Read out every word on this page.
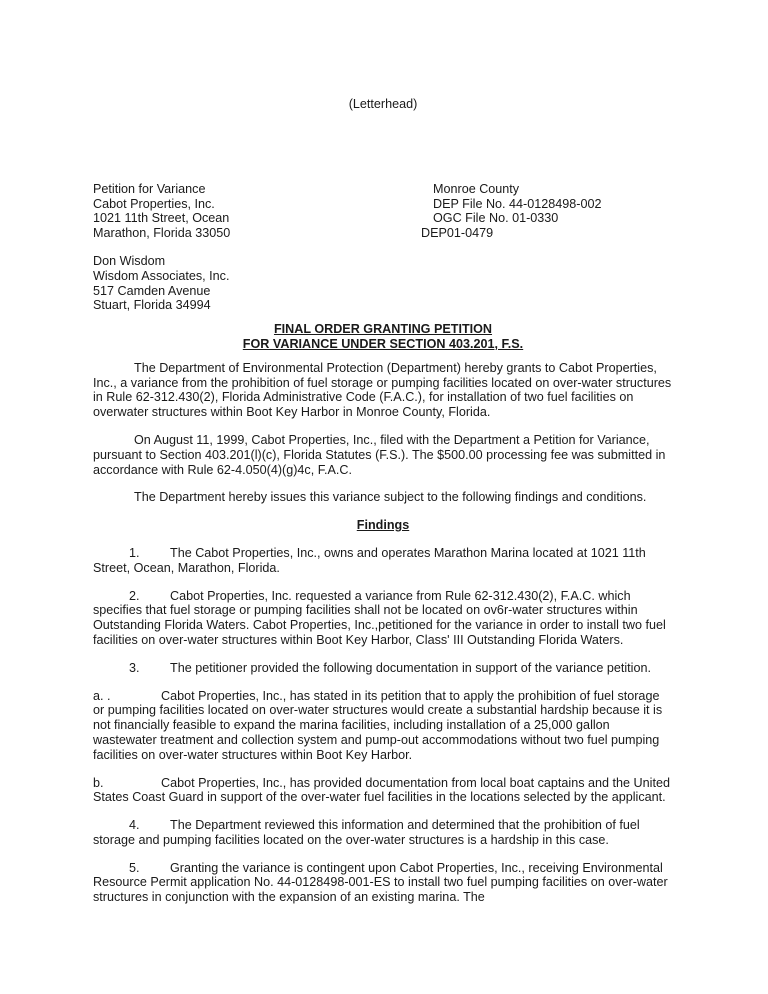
(Letterhead)
Petition for Variance
Cabot Properties, Inc.
1021 11th Street, Ocean
Marathon, Florida 33050
Monroe County
DEP File No. 44-0128498-002
OGC File No. 01-0330
DEP01-0479
Don Wisdom
Wisdom Associates, Inc.
517 Camden Avenue
Stuart, Florida 34994
FINAL ORDER GRANTING PETITION
FOR VARIANCE UNDER SECTION 403.201, F.S.

The Department of Environmental Protection (Department) hereby grants to Cabot Properties, Inc., a variance from the prohibition of fuel storage or pumping facilities located on over-water structures in Rule 62-312.430(2), Florida Administrative Code (F.A.C.), for installation of two fuel facilities on overwater structures within Boot Key Harbor in Monroe County, Florida.

On August 11, 1999, Cabot Properties, Inc., filed with the Department a Petition for Variance, pursuant to Section 403.201(l)(c), Florida Statutes (F.S.). The $500.00 processing fee was submitted in accordance with Rule 62-4.050(4)(g)4c, F.A.C.

The Department hereby issues this variance subject to the following findings and conditions.

Findings

1. The Cabot Properties, Inc., owns and operates Marathon Marina located at 1021 11th Street, Ocean, Marathon, Florida.

2. Cabot Properties, Inc. requested a variance from Rule 62-312.430(2), F.A.C. which specifies that fuel storage or pumping facilities shall not be located on ov6r-water structures within Outstanding Florida Waters. Cabot Properties, Inc.,petitioned for the variance in order to install two fuel facilities on over-water structures within Boot Key Harbor, Class' III Outstanding Florida Waters.

3. The petitioner provided the following documentation in support of the variance petition.

a. .	Cabot Properties, Inc., has stated in its petition that to apply the prohibition of fuel storage or pumping facilities located on over-water structures would create a substantial hardship because it is not financially feasible to expand the marina facilities, including installation of a 25,000 gallon wastewater treatment and collection system and pump-out accommodations without two fuel pumping facilities on over-water structures within Boot Key Harbor.

b.	Cabot Properties, Inc., has provided documentation from local boat captains and the United States Coast Guard in support of the over-water fuel facilities in the locations selected by the applicant.

4. The Department reviewed this information and determined that the prohibition of fuel storage and pumping facilities located on the over-water structures is a hardship in this case.

5. Granting the variance is contingent upon Cabot Properties, Inc., receiving Environmental Resource Permit application No. 44-0128498-001-ES to install two fuel pumping facilities on over-water structures in conjunction with the expansion of an existing marina. The
